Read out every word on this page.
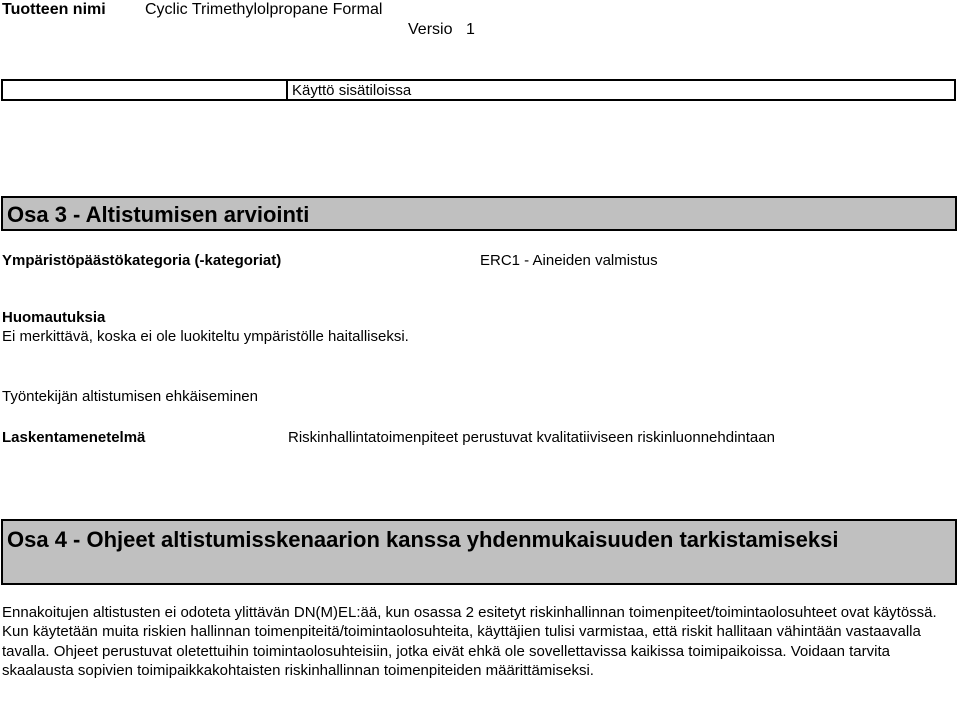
Tuotteen nimi Cyclic Trimethylolpropane Formal
Versio 1
Käyttö sisätiloissa
Osa 3 - Altistumisen arviointi
Ympäristöpäästökategoria (-kategoriat)	ERC1 - Aineiden valmistus
Huomautuksia
Ei merkittävä, koska ei ole luokiteltu ympäristölle haitalliseksi.
Työntekijän altistumisen ehkäiseminen
Laskentamenetelmä	Riskinhallintatoimenpiteet perustuvat kvalitatiiviseen riskinluonnehdintaan
Osa 4 - Ohjeet altistumisskenaarion kanssa yhdenmukaisuuden tarkistamiseksi
Ennakoitujen altistusten ei odoteta ylittävän DN(M)EL:ää, kun osassa 2 esitetyt riskinhallinnan toimenpiteet/toimintaolosuhteet ovat käytössä. Kun käytetään muita riskien hallinnan toimenpiteitä/toimintaolosuhteita, käyttäjien tulisi varmistaa, että riskit hallitaan vähintään vastaavalla tavalla. Ohjeet perustuvat oletettuihin toimintaolosuhteisiin, jotka eivät ehkä ole sovellettavissa kaikissa toimipaikoissa. Voidaan tarvita skaalausta sopivien toimipaikkakohtaisten riskinhallinnan toimenpiteiden määrittämiseksi.
